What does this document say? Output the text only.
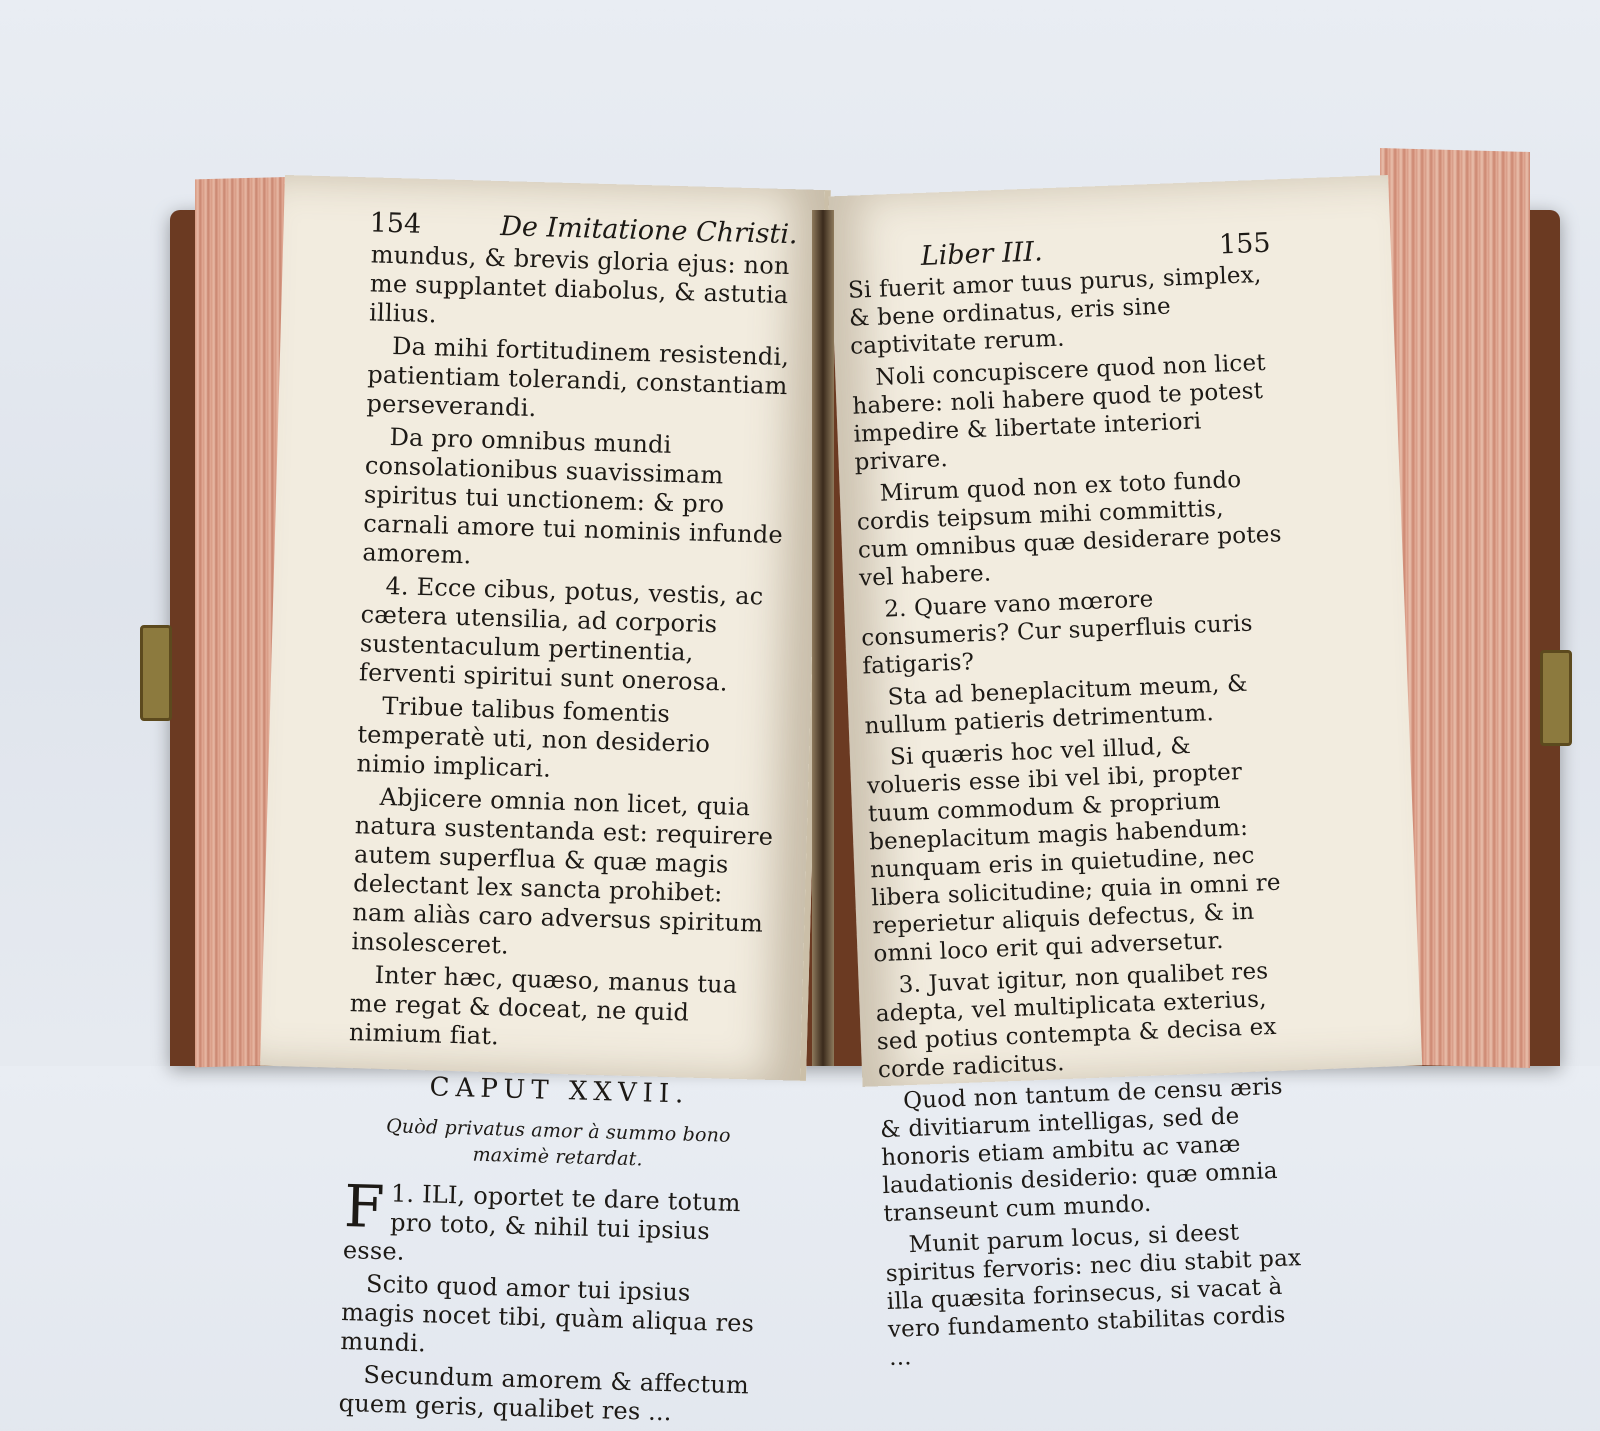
154	De Imitatione Christi.

mundus, & brevis gloria ejus: non me supplantet diabolus, & astutia illius.

Da mihi fortitudinem resistendi, patientiam tolerandi, constantiam perseverandi.

Da pro omnibus mundi consolationibus suavissimam spiritus tui unctionem: & pro carnali amore tui nominis infunde amorem.

4. Ecce cibus, potus, vestis, ac cætera utensilia, ad corporis sustentaculum pertinentia, ferventi spiritui sunt onerosa.

Tribue talibus fomentis temperatè uti, non desiderio nimio implicari.

Abjicere omnia non licet, quia natura sustentanda est: requirere autem superflua & quæ magis delectant lex sancta prohibet: nam aliàs caro adversus spiritum insolesceret.

Inter hæc, quæso, manus tua me regat & doceat, ne quid nimium fiat.

CAPUT XXVII.
Quòd privatus amor à summo bono maximè retardat.

F 1. ILI, oportet te dare totum pro toto, & nihil tui ipsius esse.

Scito quod amor tui ipsius magis nocet tibi, quàm aliqua res mundi.

Secundum amorem & affectum quem geris, qualibet res ...

Liber III.	155

Si fuerit amor tuus purus, simplex, & bene ordinatus, eris sine captivitate rerum.

Noli concupiscere quod non licet habere: noli habere quod te potest impedire & libertate interiori privare.

Mirum quod non ex toto fundo cordis teipsum mihi committis, cum omnibus quæ desiderare potes vel habere.

2. Quare vano mœrore consumeris? Cur superfluis curis fatigaris?

Sta ad beneplacitum meum, & nullum patieris detrimentum.

Si quæris hoc vel illud, & volueris esse ibi vel ibi, propter tuum commodum & proprium beneplacitum magis habendum: nunquam eris in quietudine, nec libera solicitudine; quia in omni re reperietur aliquis defectus, & in omni loco erit qui adversetur.

3. Juvat igitur, non qualibet res adepta, vel multiplicata exterius, sed potius contempta & decisa ex corde radicitus.

Quod non tantum de censu æris & divitiarum intelligas, sed de honoris etiam ambitu ac vanæ laudationis desiderio: quæ omnia transeunt cum mundo.

Munit parum locus, si deest spiritus fervoris: nec diu stabit pax illa quæsita forinsecus, si vacat à vero fundamento stabilitas cordis ...
